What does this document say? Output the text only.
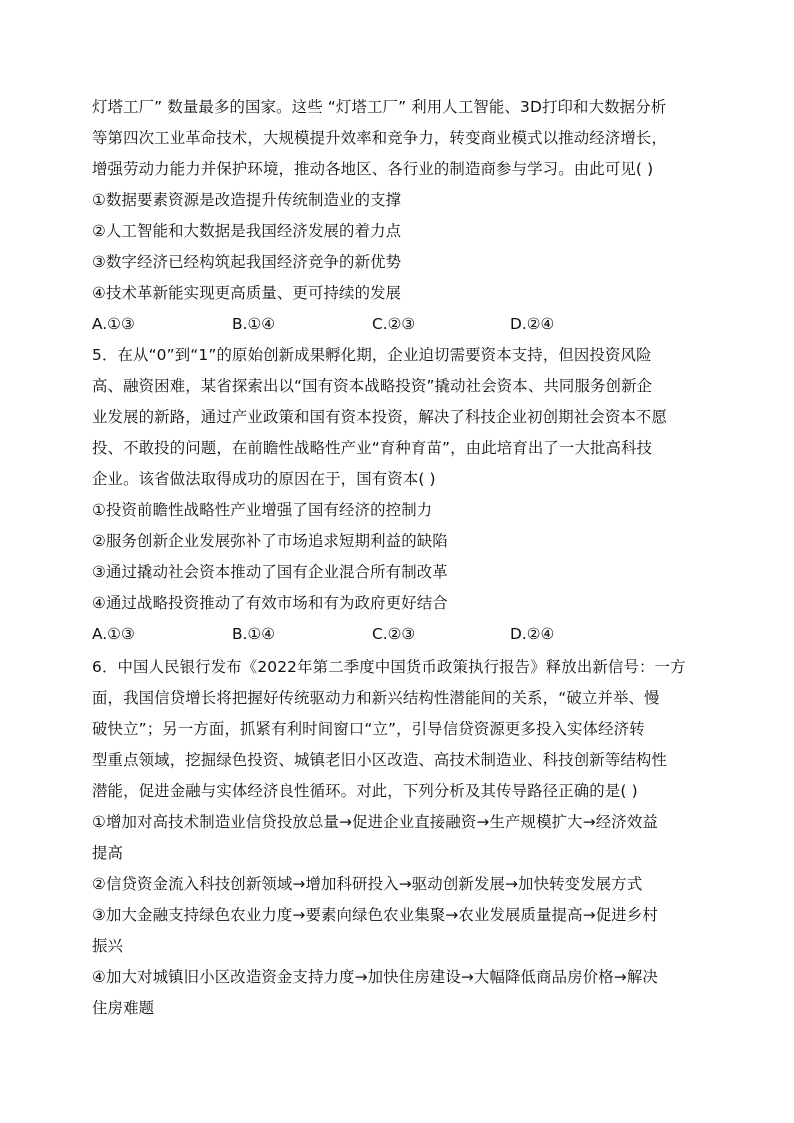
灯塔工厂” 数量最多的国家。这些 “灯塔工厂” 利用人工智能、3D打印和大数据分析
等第四次工业革命技术，大规模提升效率和竞争力，转变商业模式以推动经济增长，
增强劳动力能力并保护环境，推动各地区、各行业的制造商参与学习。由此可见( )
①数据要素资源是改造提升传统制造业的支撑
②人工智能和大数据是我国经济发展的着力点
③数字经济已经构筑起我国经济竞争的新优势
④技术革新能实现更高质量、更可持续的发展
A.①③	B.①④	C.②③	D.②④
5．在从“0”到“1”的原始创新成果孵化期，企业迫切需要资本支持，但因投资风险
高、融资困难，某省探索出以“国有资本战略投资”撬动社会资本、共同服务创新企
业发展的新路，通过产业政策和国有资本投资，解决了科技企业初创期社会资本不愿
投、不敢投的问题，在前瞻性战略性产业“育种育苗”，由此培育出了一大批高科技
企业。该省做法取得成功的原因在于，国有资本( )
①投资前瞻性战略性产业增强了国有经济的控制力
②服务创新企业发展弥补了市场追求短期利益的缺陷
③通过撬动社会资本推动了国有企业混合所有制改革
④通过战略投资推动了有效市场和有为政府更好结合
A.①③	B.①④	C.②③	D.②④
6．中国人民银行发布《2022年第二季度中国货币政策执行报告》释放出新信号：一方
面，我国信贷增长将把握好传统驱动力和新兴结构性潜能间的关系，“破立并举、慢
破快立”；另一方面，抓紧有利时间窗口“立”，引导信贷资源更多投入实体经济转
型重点领域，挖掘绿色投资、城镇老旧小区改造、高技术制造业、科技创新等结构性
潜能，促进金融与实体经济良性循环。对此，下列分析及其传导路径正确的是( )
①增加对高技术制造业信贷投放总量→促进企业直接融资→生产规模扩大→经济效益
提高
②信贷资金流入科技创新领域→增加科研投入→驱动创新发展→加快转变发展方式
③加大金融支持绿色农业力度→要素向绿色农业集聚→农业发展质量提高→促进乡村
振兴
④加大对城镇旧小区改造资金支持力度→加快住房建设→大幅降低商品房价格→解决
住房难题
